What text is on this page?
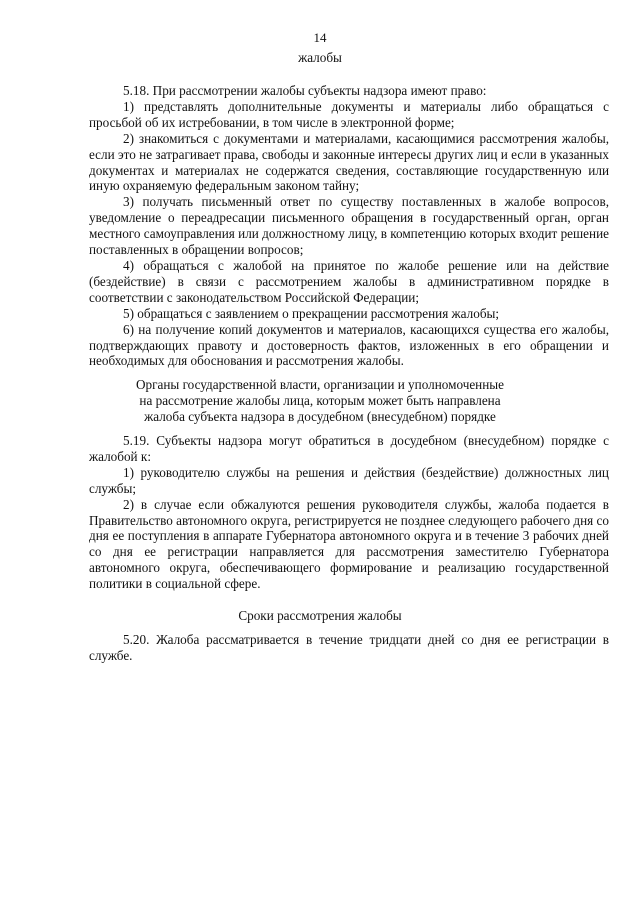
14

жалобы

5.18. При рассмотрении жалобы субъекты надзора имеют право:

1) представлять дополнительные документы и материалы либо обращаться с просьбой об их истребовании, в том числе в электронной форме;

2) знакомиться с документами и материалами, касающимися рассмотрения жалобы, если это не затрагивает права, свободы и законные интересы других лиц и если в указанных документах и материалах не содержатся сведения, составляющие государственную или иную охраняемую федеральным законом тайну;

3) получать письменный ответ по существу поставленных в жалобе вопросов, уведомление о переадресации письменного обращения в государственный орган, орган местного самоуправления или должностному лицу, в компетенцию которых входит решение поставленных в обращении вопросов;

4) обращаться с жалобой на принятое по жалобе решение или на действие (бездействие) в связи с рассмотрением жалобы в административном порядке в соответствии с законодательством Российской Федерации;

5) обращаться с заявлением о прекращении рассмотрения жалобы;

6) на получение копий документов и материалов, касающихся существа его жалобы, подтверждающих правоту и достоверность фактов, изложенных в его обращении и необходимых для обоснования и рассмотрения жалобы.

Органы государственной власти, организации и уполномоченные

на рассмотрение жалобы лица, которым может быть направлена

жалоба субъекта надзора в досудебном (внесудебном) порядке

5.19. Субъекты надзора могут обратиться в досудебном (внесудебном) порядке с жалобой к:

1) руководителю службы на решения и действия (бездействие) должностных лиц службы;

2) в случае если обжалуются решения руководителя службы, жалоба подается в Правительство автономного округа, регистрируется не позднее следующего рабочего дня со дня ее поступления в аппарате Губернатора автономного округа и в течение 3 рабочих дней со дня ее регистрации направляется для рассмотрения заместителю Губернатора автономного округа, обеспечивающего формирование и реализацию государственной политики в социальной сфере.

Сроки рассмотрения жалобы

5.20. Жалоба рассматривается в течение тридцати дней со дня ее регистрации в службе.
